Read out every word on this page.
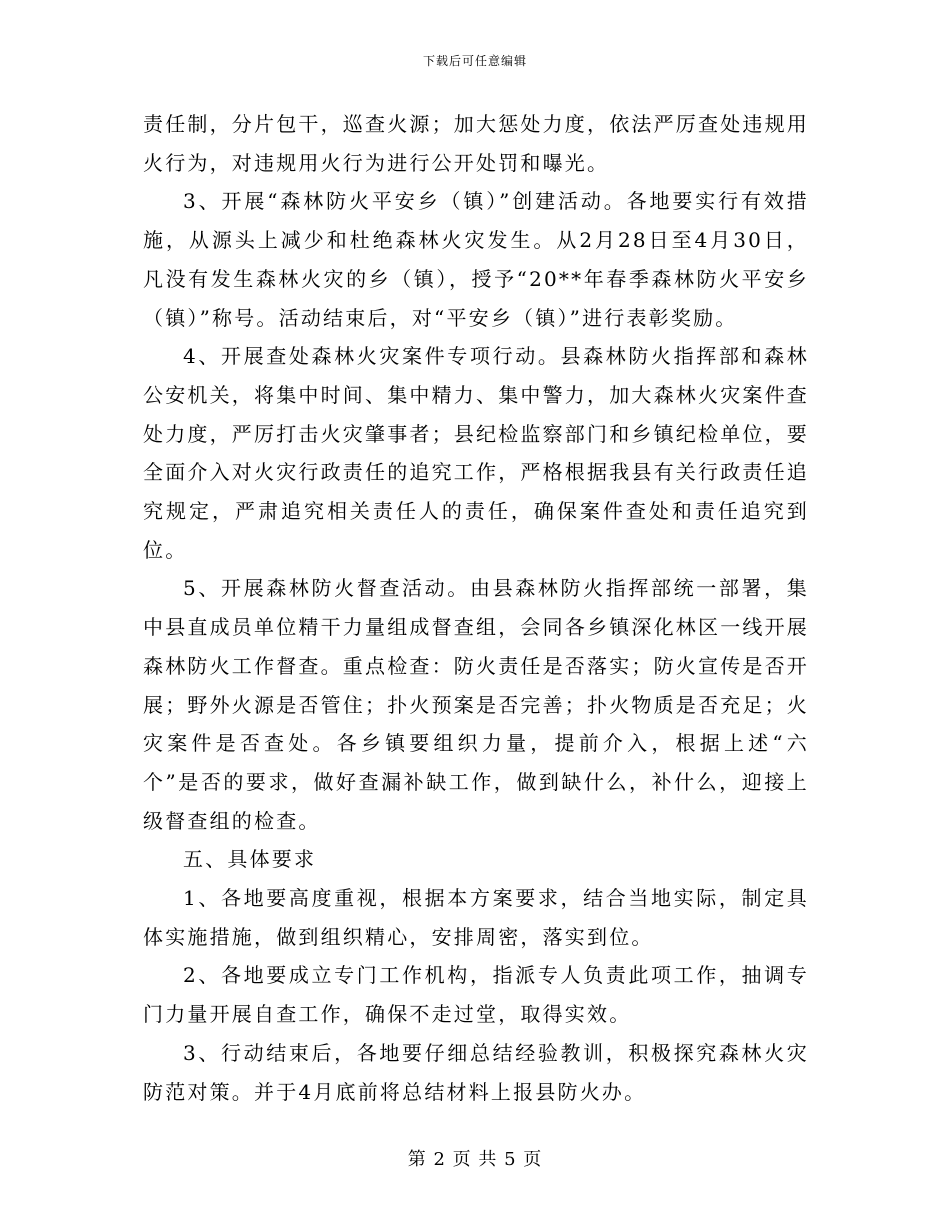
下载后可任意编辑

责任制，分片包干，巡查火源；加大惩处力度，依法严厉查处违规用火行为，对违规用火行为进行公开处罚和曝光。

3、开展“森林防火平安乡（镇）”创建活动。各地要实行有效措施，从源头上减少和杜绝森林火灾发生。从2月28日至4月30日，凡没有发生森林火灾的乡（镇），授予“20**年春季森林防火平安乡（镇）”称号。活动结束后，对“平安乡（镇）”进行表彰奖励。

4、开展查处森林火灾案件专项行动。县森林防火指挥部和森林公安机关，将集中时间、集中精力、集中警力，加大森林火灾案件查处力度，严厉打击火灾肇事者；县纪检监察部门和乡镇纪检单位，要全面介入对火灾行政责任的追究工作，严格根据我县有关行政责任追究规定，严肃追究相关责任人的责任，确保案件查处和责任追究到位。

5、开展森林防火督查活动。由县森林防火指挥部统一部署，集中县直成员单位精干力量组成督查组，会同各乡镇深化林区一线开展森林防火工作督查。重点检查：防火责任是否落实；防火宣传是否开展；野外火源是否管住；扑火预案是否完善；扑火物质是否充足；火灾案件是否查处。各乡镇要组织力量，提前介入，根据上述“六个”是否的要求，做好查漏补缺工作，做到缺什么，补什么，迎接上级督查组的检查。

五、具体要求

1、各地要高度重视，根据本方案要求，结合当地实际，制定具体实施措施，做到组织精心，安排周密，落实到位。

2、各地要成立专门工作机构，指派专人负责此项工作，抽调专门力量开展自查工作，确保不走过堂，取得实效。

3、行动结束后，各地要仔细总结经验教训，积极探究森林火灾防范对策。并于4月底前将总结材料上报县防火办。

第 2 页 共 5 页
